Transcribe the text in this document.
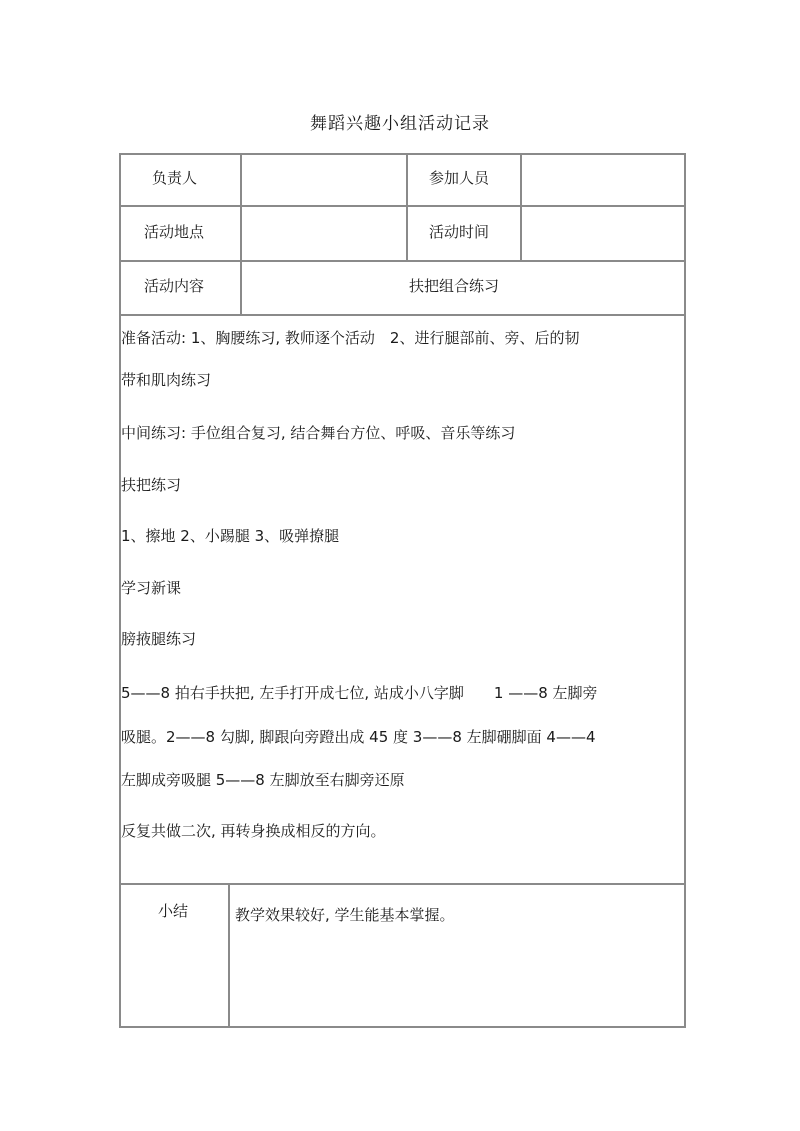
舞蹈兴趣小组活动记录
负责人	参加人员
活动地点	活动时间
活动内容	扶把组合练习
准备活动: 1、胸腰练习, 教师逐个活动　2、进行腿部前、旁、后的韧
带和肌肉练习
中间练习: 手位组合复习, 结合舞台方位、呼吸、音乐等练习
扶把练习
1、擦地 2、小踢腿 3、吸弹撩腿
学习新课
膀掖腿练习
5——8 拍右手扶把, 左手打开成七位, 站成小八字脚　　1 ——8 左脚旁
吸腿。2——8 勾脚, 脚跟向旁蹬出成 45 度 3——8 左脚硼脚面 4——4
左脚成旁吸腿 5——8 左脚放至右脚旁还原
反复共做二次, 再转身换成相反的方向。
小结	教学效果较好, 学生能基本掌握。
